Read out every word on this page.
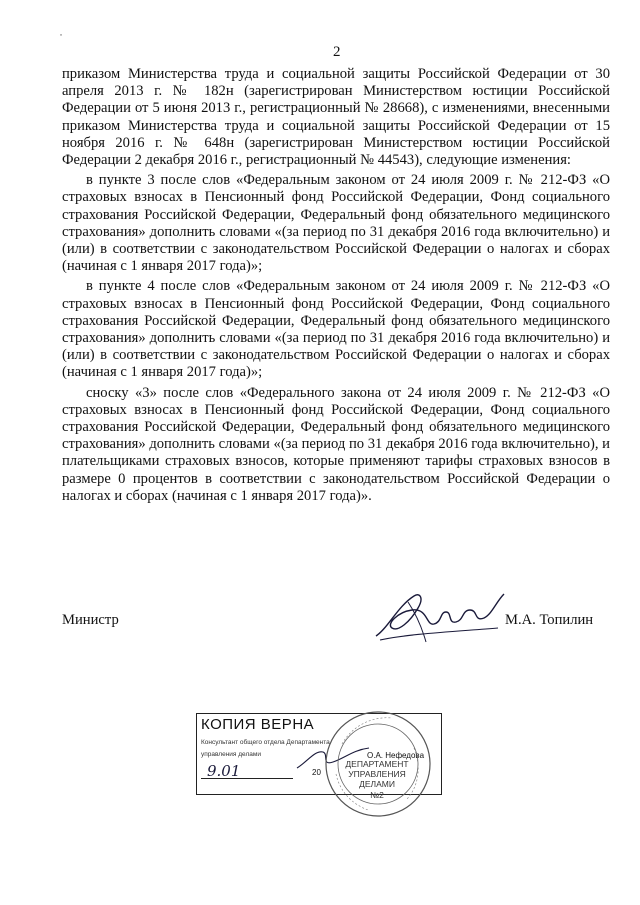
˙
2

приказом Министерства труда и социальной защиты Российской Федерации от 30 апреля 2013 г. № 182н (зарегистрирован Министерством юстиции Российской Федерации от 5 июня 2013 г., регистрационный № 28668), с изменениями, внесенными приказом Министерства труда и социальной защиты Российской Федерации от 15 ноября 2016 г. № 648н (зарегистрирован Министерством юстиции Российской Федерации 2 декабря 2016 г., регистрационный № 44543), следующие изменения:

в пункте 3 после слов «Федеральным законом от 24 июля 2009 г. № 212-ФЗ «О страховых взносах в Пенсионный фонд Российской Федерации, Фонд социального страхования Российской Федерации, Федеральный фонд обязательного медицинского страхования» дополнить словами «(за период по 31 декабря 2016 года включительно) и (или) в соответствии с законодательством Российской Федерации о налогах и сборах (начиная с 1 января 2017 года)»;

в пункте 4 после слов «Федеральным законом от 24 июля 2009 г. № 212-ФЗ «О страховых взносах в Пенсионный фонд Российской Федерации, Фонд социального страхования Российской Федерации, Федеральный фонд обязательного медицинского страхования» дополнить словами «(за период по 31 декабря 2016 года включительно) и (или) в соответствии с законодательством Российской Федерации о налогах и сборах (начиная с 1 января 2017 года)»;

сноску «3» после слов «Федерального закона от 24 июля 2009 г. № 212-ФЗ «О страховых взносах в Пенсионный фонд Российской Федерации, Фонд социального страхования Российской Федерации, Федеральный фонд обязательного медицинского страхования» дополнить словами «(за период по 31 декабря 2016 года включительно), и плательщиками страховых взносов, которые применяют тарифы страховых взносов в размере 0 процентов в соответствии с законодательством Российской Федерации о налогах и сборах (начиная с 1 января 2017 года)».

Министр	М.А. Топилин
КОПИЯ ВЕРНА
Консультант общего отдела Департамента
управления делами	О.А. Нефедова
9.01	20
ДЕПАРТАМЕНТ
УПРАВЛЕНИЯ
ДЕЛАМИ
№2
